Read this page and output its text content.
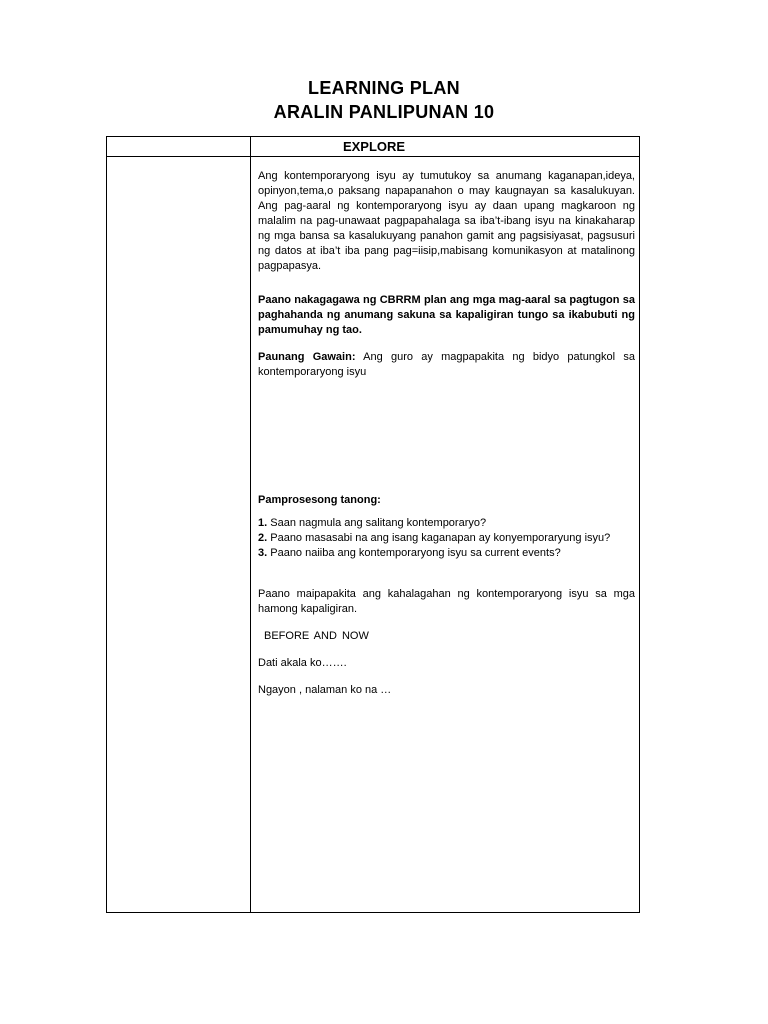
LEARNING PLAN
ARALIN PANLIPUNAN 10
EXPLORE

Ang kontemporaryong isyu ay tumutukoy sa anumang kaganapan,ideya, opinyon,tema,o paksang napapanahon o may kaugnayan sa kasalukuyan. Ang pag-aaral ng kontemporaryong isyu ay daan upang magkaroon ng malalim na pag-unawaat pagpapahalaga sa iba’t-ibang isyu na kinakaharap ng mga bansa sa kasalukuyang panahon gamit ang pagsisiyasat, pagsusuri ng datos at iba’t iba pang pag=iisip,mabisang komunikasyon at matalinong pagpapasya.

Paano nakagagawa ng CBRRM plan ang mga mag-aaral sa pagtugon sa paghahanda ng anumang sakuna sa kapaligiran tungo sa ikabubuti ng pamumuhay ng tao.

Paunang Gawain: Ang guro ay magpapakita ng bidyo patungkol sa kontemporaryong isyu

Pamprosesong tanong:

1. Saan nagmula ang salitang kontemporaryo?

2. Paano masasabi na ang isang kaganapan ay konyemporaryung isyu?

3. Paano naiiba ang kontemporaryong isyu sa current events?

Paano maipapakita ang kahalagahan ng kontemporaryong isyu sa mga hamong kapaligiran.

BEFORE AND NOW

Dati akala ko…….

Ngayon , nalaman ko na …
